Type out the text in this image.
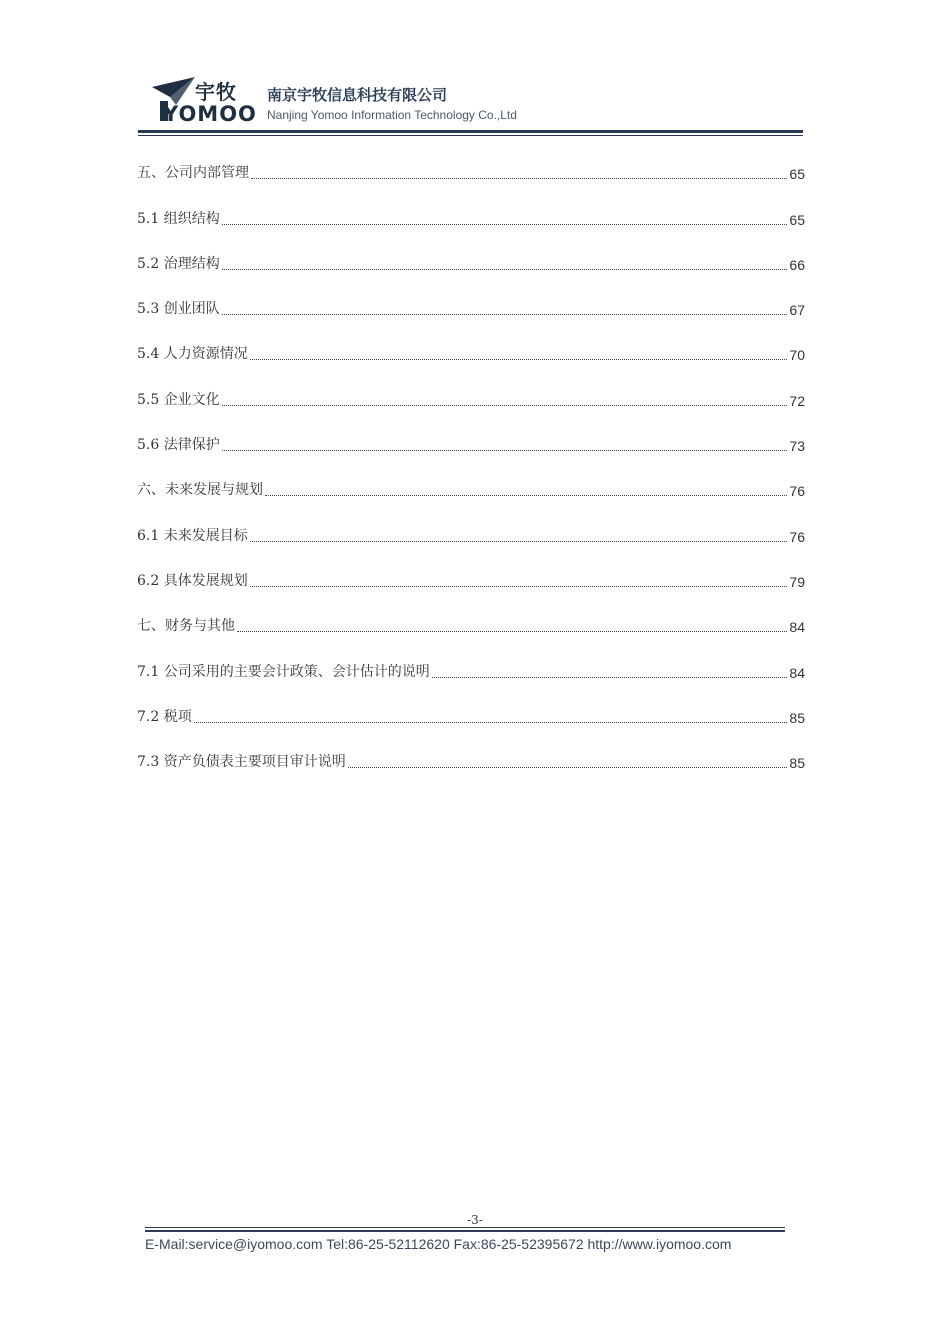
宇牧
YOMOO
南京宇牧信息科技有限公司
Nanjing Yomoo Information Technology Co.,Ltd
五、公司内部管理	65
5.1 组织结构	65
5.2 治理结构	66
5.3 创业团队	67
5.4 人力资源情况	70
5.5 企业文化	72
5.6 法律保护	73
六、未来发展与规划	76
6.1 未来发展目标	76
6.2 具体发展规划	79
七、财务与其他	84
7.1 公司采用的主要会计政策、会计估计的说明	84
7.2 税项	85
7.3 资产负债表主要项目审计说明	85
-3-
E-Mail:service@iyomoo.com Tel:86-25-52112620 Fax:86-25-52395672 http://www.iyomoo.com
